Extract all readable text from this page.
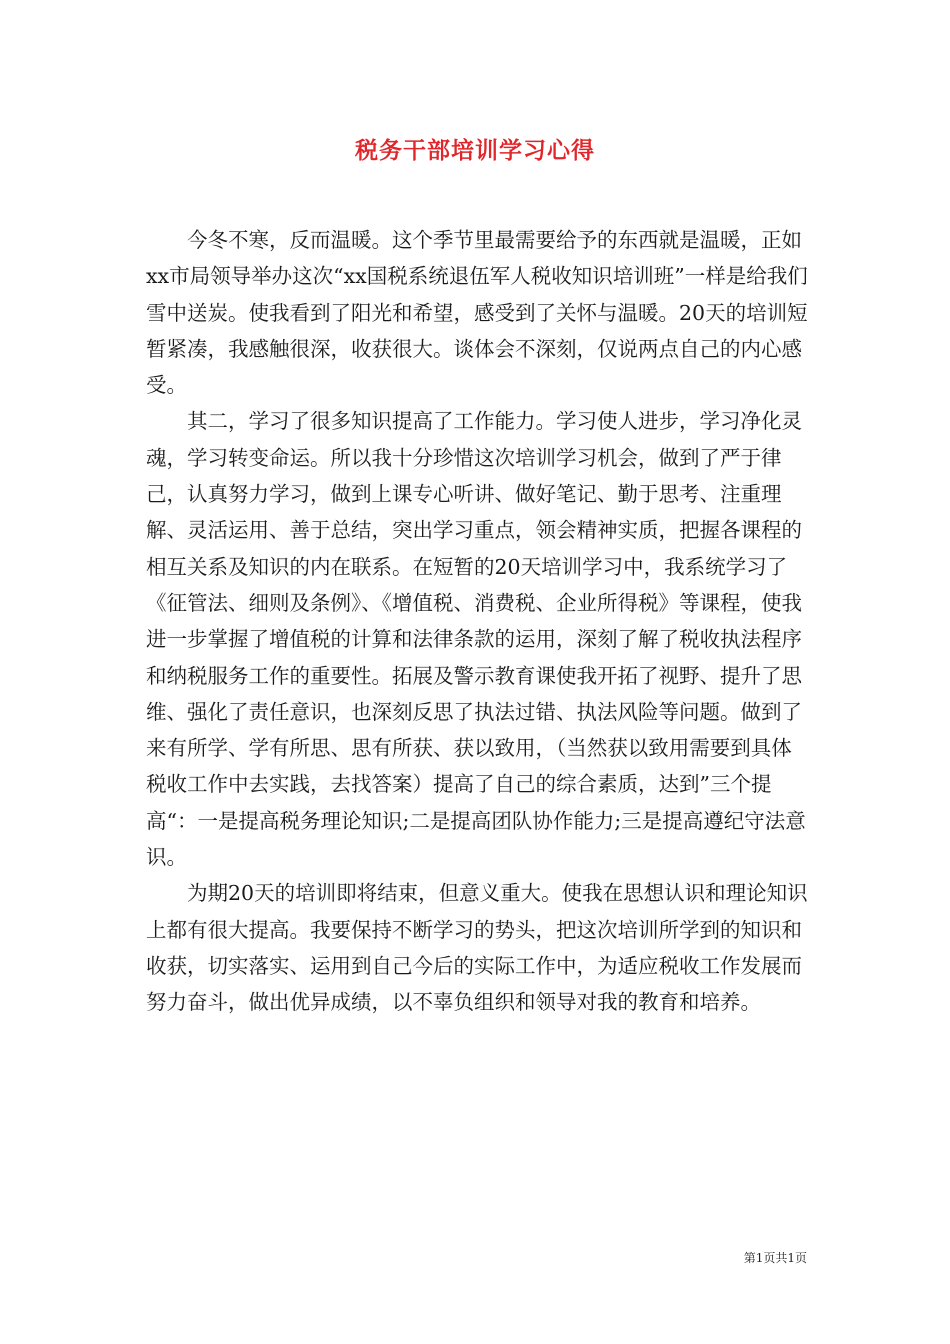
税务干部培训学习心得

今冬不寒，反而温暖。这个季节里最需要给予的东西就是温暖，正如xx市局领导举办这次“xx国税系统退伍军人税收知识培训班”一样是给我们雪中送炭。使我看到了阳光和希望，感受到了关怀与温暖。20天的培训短暂紧凑，我感触很深，收获很大。谈体会不深刻，仅说两点自己的内心感受。

其二，学习了很多知识提高了工作能力。学习使人进步，学习净化灵魂，学习转变命运。所以我十分珍惜这次培训学习机会，做到了严于律己，认真努力学习，做到上课专心听讲、做好笔记、勤于思考、注重理解、灵活运用、善于总结，突出学习重点，领会精神实质，把握各课程的相互关系及知识的内在联系。在短暂的20天培训学习中，我系统学习了《征管法、细则及条例》、《增值税、消费税、企业所得税》等课程，使我进一步掌握了增值税的计算和法律条款的运用，深刻了解了税收执法程序和纳税服务工作的重要性。拓展及警示教育课使我开拓了视野、提升了思维、强化了责任意识，也深刻反思了执法过错、执法风险等问题。做到了来有所学、学有所思、思有所获、获以致用，（当然获以致用需要到具体税收工作中去实践，去找答案）提高了自己的综合素质，达到”三个提高“：一是提高税务理论知识;二是提高团队协作能力;三是提高遵纪守法意识。

为期20天的培训即将结束，但意义重大。使我在思想认识和理论知识上都有很大提高。我要保持不断学习的势头，把这次培训所学到的知识和收获，切实落实、运用到自己今后的实际工作中，为适应税收工作发展而努力奋斗，做出优异成绩，以不辜负组织和领导对我的教育和培养。

第1页共1页
